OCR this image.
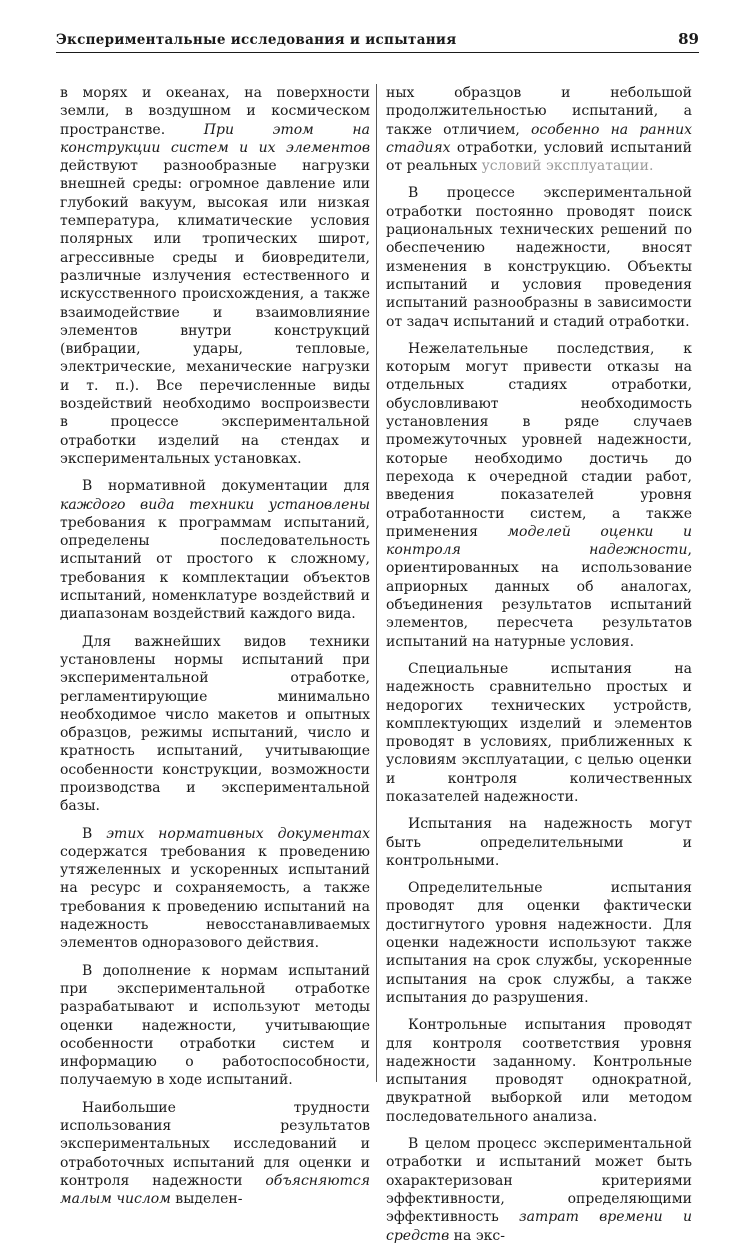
Экспериментальные исследования и испытания	89

в морях и океанах, на поверхности земли, в воздушном и космическом пространстве. При этом на конструкции систем и их элементов действуют разнообразные нагрузки внешней среды: огромное давление или глубокий вакуум, высокая или низкая температура, климатические условия полярных или тропических широт, агрессивные среды и биовредители, различные излучения естественного и искусственного происхождения, а также взаимодействие и взаимовлияние элементов внутри конструкций (вибрации, удары, тепловые, электрические, механические нагрузки и т. п.). Все перечисленные виды воздействий необходимо воспроизвести в процессе экспериментальной отработки изделий на стендах и экспериментальных установках.

В нормативной документации для каждого вида техники установлены требования к программам испытаний, определены последовательность испытаний от простого к сложному, требования к комплектации объектов испытаний, номенклатуре воздействий и диапазонам воздействий каждого вида.

Для важнейших видов техники установлены нормы испытаний при экспериментальной отработке, регламентирующие минимально необходимое число макетов и опытных образцов, режимы испытаний, число и кратность испытаний, учитывающие особенности конструкции, возможности производства и экспериментальной базы.

В этих нормативных документах содержатся требования к проведению утяжеленных и ускоренных испытаний на ресурс и сохраняемость, а также требования к проведению испытаний на надежность невосстанавливаемых элементов одноразового действия.

В дополнение к нормам испытаний при экспериментальной отработке разрабатывают и используют методы оценки надежности, учитывающие особенности отработки систем и информацию о работоспособности, получаемую в ходе испытаний.

Наибольшие трудности использования результатов экспериментальных исследований и отработочных испытаний для оценки и контроля надежности объясняются малым числом выделен-

ных образцов и небольшой продолжительностью испытаний, а также отличием, особенно на ранних стадиях отработки, условий испытаний от реальных условий эксплуатации.

В процессе экспериментальной отработки постоянно проводят поиск рациональных технических решений по обеспечению надежности, вносят изменения в конструкцию. Объекты испытаний и условия проведения испытаний разнообразны в зависимости от задач испытаний и стадий отработки.

Нежелательные последствия, к которым могут привести отказы на отдельных стадиях отработки, обусловливают необходимость установления в ряде случаев промежуточных уровней надежности, которые необходимо достичь до перехода к очередной стадии работ, введения показателей уровня отработанности систем, а также применения моделей оценки и контроля надежности, ориентированных на использование априорных данных об аналогах, объединения результатов испытаний элементов, пересчета результатов испытаний на натурные условия.

Специальные испытания на надежность сравнительно простых и недорогих технических устройств, комплектующих изделий и элементов проводят в условиях, приближенных к условиям эксплуатации, с целью оценки и контроля количественных показателей надежности.

Испытания на надежность могут быть определительными и контрольными.

Определительные испытания проводят для оценки фактически достигнутого уровня надежности. Для оценки надежности используют также испытания на срок службы, ускоренные испытания на срок службы, а также испытания до разрушения.

Контрольные испытания проводят для контроля соответствия уровня надежности заданному. Контрольные испытания проводят однократной, двукратной выборкой или методом последовательного анализа.

В целом процесс экспериментальной отработки и испытаний может быть охарактеризован критериями эффективности, определяющими эффективность затрат времени и средств на экс-
